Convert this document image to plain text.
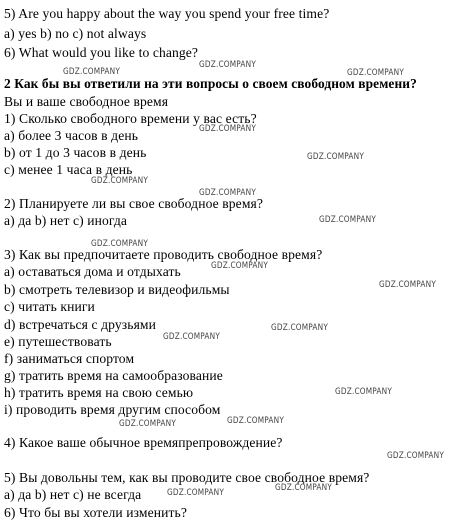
5) Are you happy about the way you spend your free time?
a) yes b) no c) not always
6) What would you like to change?
2 Как бы вы ответили на эти вопросы о своем свободном времени?
Вы и ваше свободное время
1) Сколько свободного времени у вас есть?
а) более 3 часов в день
b) от 1 до 3 часов в день
c) менее 1 часа в день
2) Планируете ли вы свое свободное время?
а) да b) нет c) иногда
3) Как вы предпочитаете проводить свободное время?
а) оставаться дома и отдыхать
b) смотреть телевизор и видеофильмы
c) читать книги
d) встречаться с друзьями
e) путешествовать
f) заниматься спортом
g) тратить время на самообразование
h) тратить время на свою семью
i) проводить время другим способом
4) Какое ваше обычное времяпрепровождение?
5) Вы довольны тем, как вы проводите свое свободное время?
а) да b) нет c) не всегда
6) Что бы вы хотели изменить?
GDZ.COMPANY
GDZ.COMPANY	GDZ.COMPANY
GDZ.COMPANY
GDZ.COMPANY
GDZ.COMPANY
GDZ.COMPANY
GDZ.COMPANY
GDZ.COMPANY
GDZ.COMPANY
GDZ.COMPANY
GDZ.COMPANY
GDZ.COMPANY
GDZ.COMPANY
GDZ.COMPANY
GDZ.COMPANY
GDZ.COMPANY
GDZ.COMPANY
GDZ.COMPANY
